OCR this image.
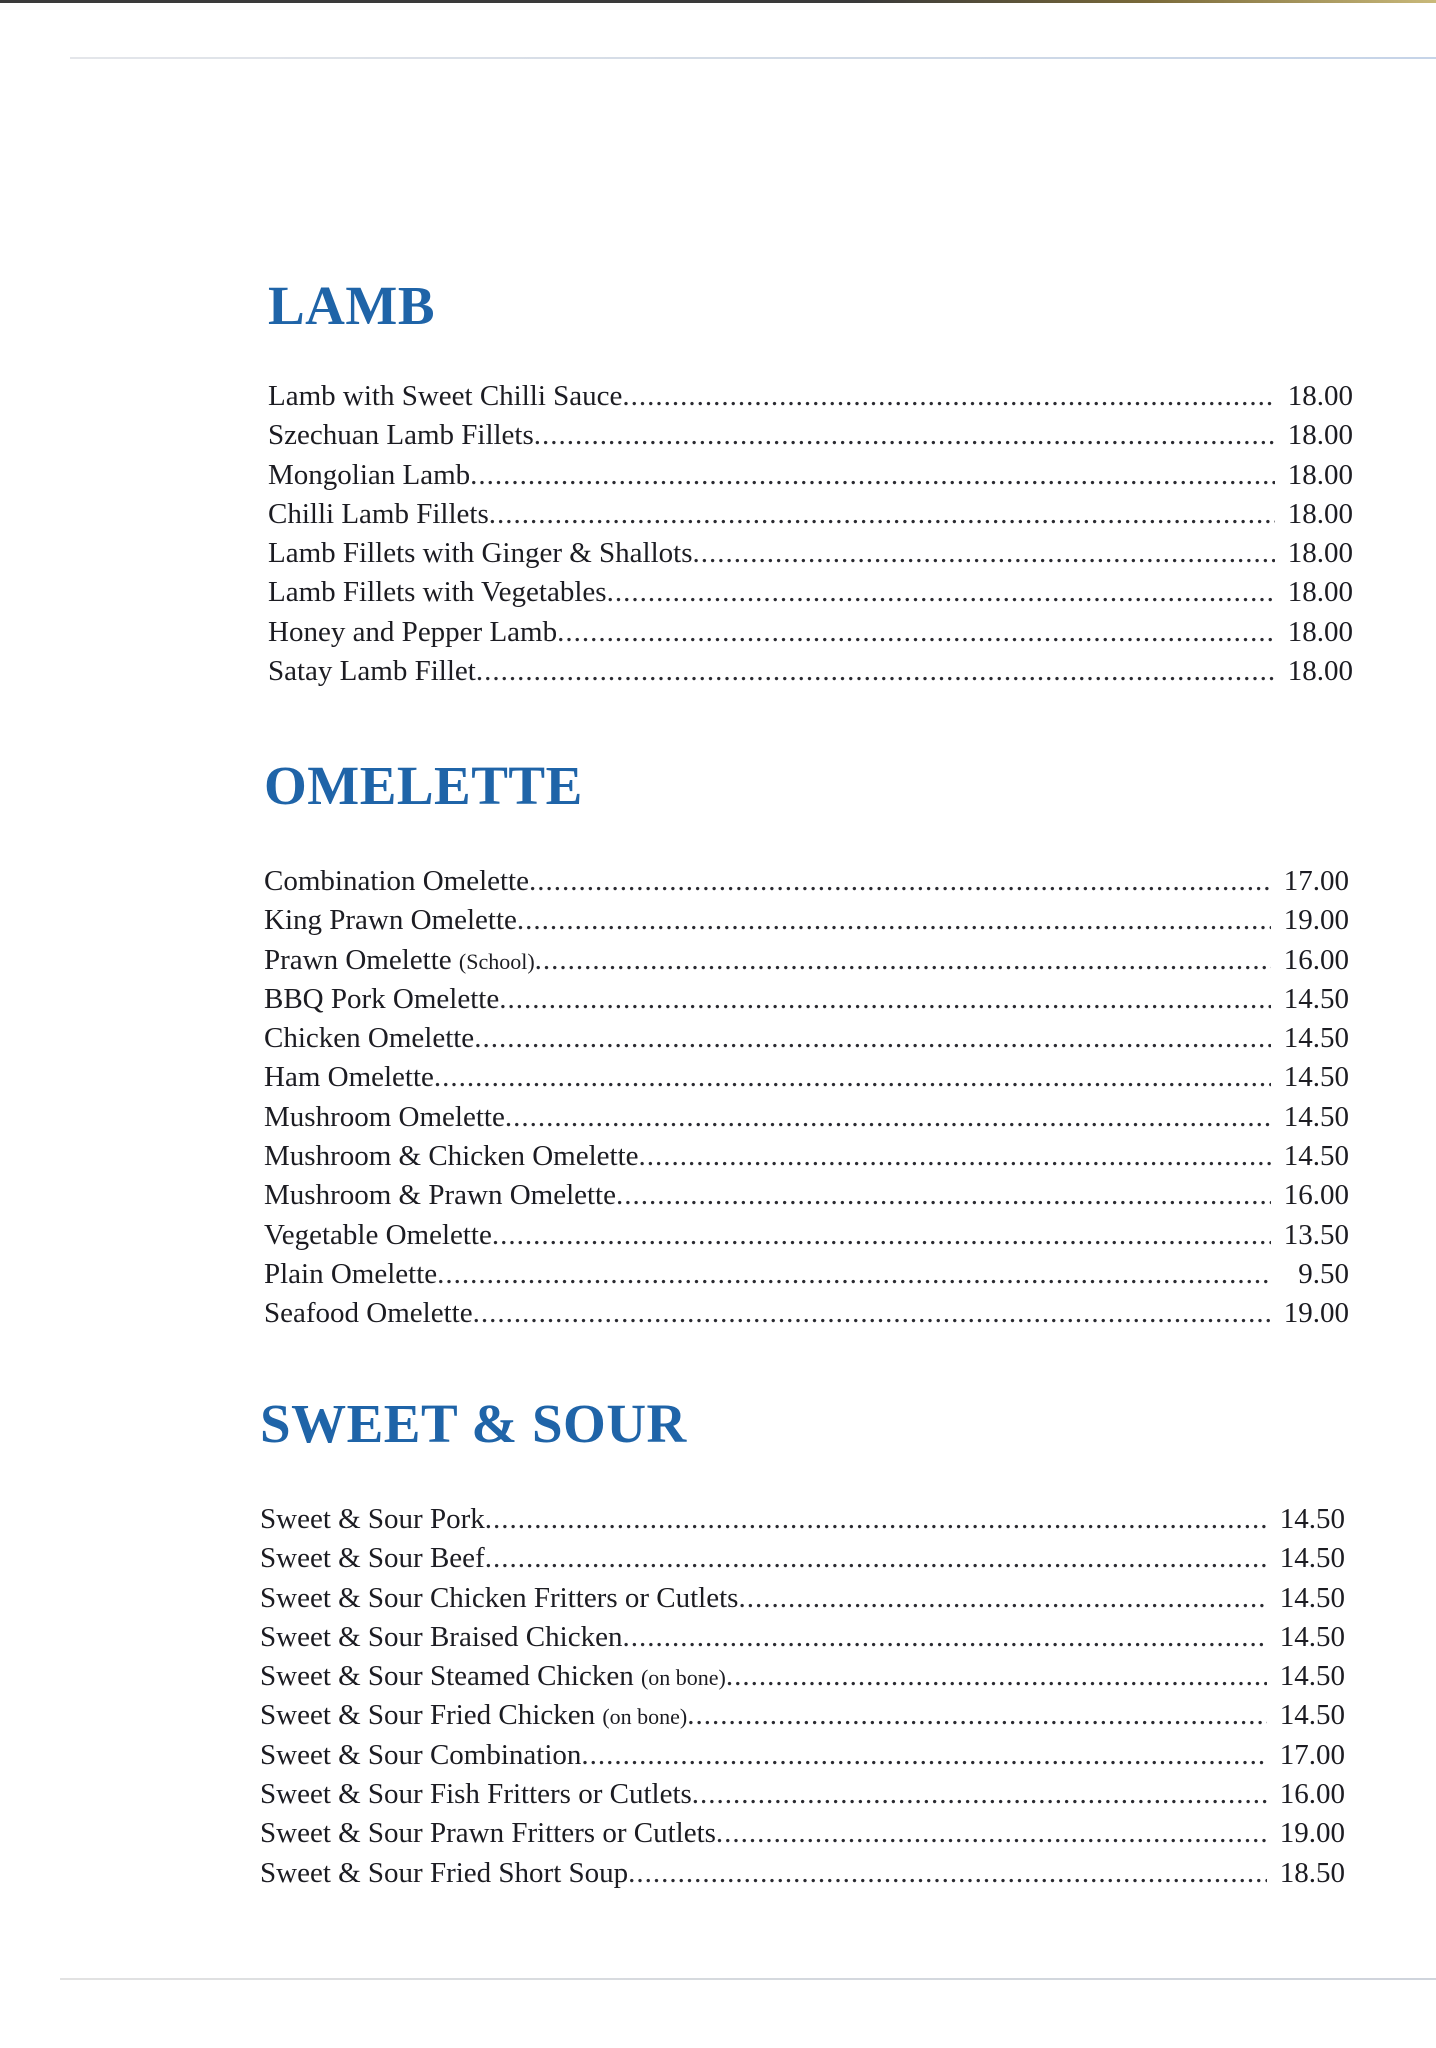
LAMB
Lamb with Sweet Chilli Sauce .....	18.00
Szechuan Lamb Fillets .....	18.00
Mongolian Lamb .....	18.00
Chilli Lamb Fillets .....	18.00
Lamb Fillets with Ginger & Shallots .....	18.00
Lamb Fillets with Vegetables .....	18.00
Honey and Pepper Lamb .....	18.00
Satay Lamb Fillet .....	18.00
OMELETTE
Combination Omelette .....	17.00
King Prawn Omelette .....	19.00
Prawn Omelette (School) .....	16.00
BBQ Pork Omelette .....	14.50
Chicken Omelette .....	14.50
Ham Omelette .....	14.50
Mushroom Omelette .....	14.50
Mushroom & Chicken Omelette .....	14.50
Mushroom & Prawn Omelette .....	16.00
Vegetable Omelette .....	13.50
Plain Omelette .....	9.50
Seafood Omelette .....	19.00
SWEET & SOUR
Sweet & Sour Pork .....	14.50
Sweet & Sour Beef .....	14.50
Sweet & Sour Chicken Fritters or Cutlets .....	14.50
Sweet & Sour Braised Chicken .....	14.50
Sweet & Sour Steamed Chicken (on bone) .....	14.50
Sweet & Sour Fried Chicken (on bone) .....	14.50
Sweet & Sour Combination .....	17.00
Sweet & Sour Fish Fritters or Cutlets .....	16.00
Sweet & Sour Prawn Fritters or Cutlets .....	19.00
Sweet & Sour Fried Short Soup .....	18.50
